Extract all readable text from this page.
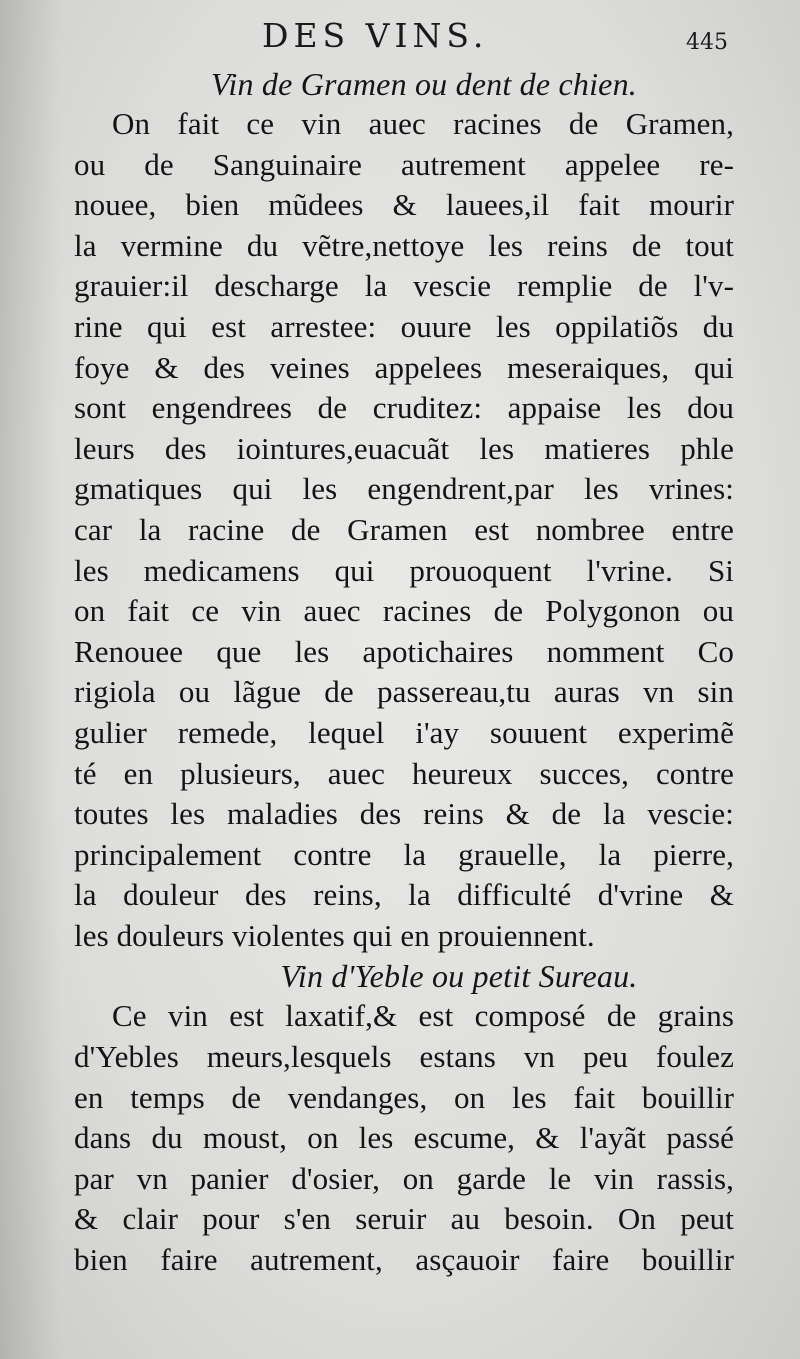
DES VINS.	445
Vin de Gramen ou dent de chien.
On fait ce vin auec racines de Gramen,
ou de Sanguinaire autrement appelee re-
nouee, bien mũdees & lauees,il fait mourir
la vermine du vẽtre,nettoye les reins de tout
grauier:il descharge la vescie remplie de l'v-
rine qui est arrestee: ouure les oppilatiõs du
foye & des veines appelees meseraiques, qui
sont engendrees de cruditez: appaise les dou
leurs des iointures,euacuãt les matieres phle
gmatiques qui les engendrent,par les vrines:
car la racine de Gramen est nombree entre
les medicamens qui prouoquent l'vrine. Si
on fait ce vin auec racines de Polygonon ou
Renouee que les apotichaires nomment Co
rigiola ou lãgue de passereau,tu auras vn sin
gulier remede, lequel i'ay souuent experimẽ
té en plusieurs, auec heureux succes, contre
toutes les maladies des reins & de la vescie:
principalement contre la grauelle, la pierre,
la douleur des reins, la difficulté d'vrine &
les douleurs violentes qui en prouiennent.
Vin d'Yeble ou petit Sureau.
Ce vin est laxatif,& est composé de grains
d'Yebles meurs,lesquels estans vn peu foulez
en temps de vendanges, on les fait bouillir
dans du moust, on les escume, & l'ayãt passé
par vn panier d'osier, on garde le vin rassis,
& clair pour s'en seruir au besoin. On peut
bien faire autrement, asçauoir faire bouillir
